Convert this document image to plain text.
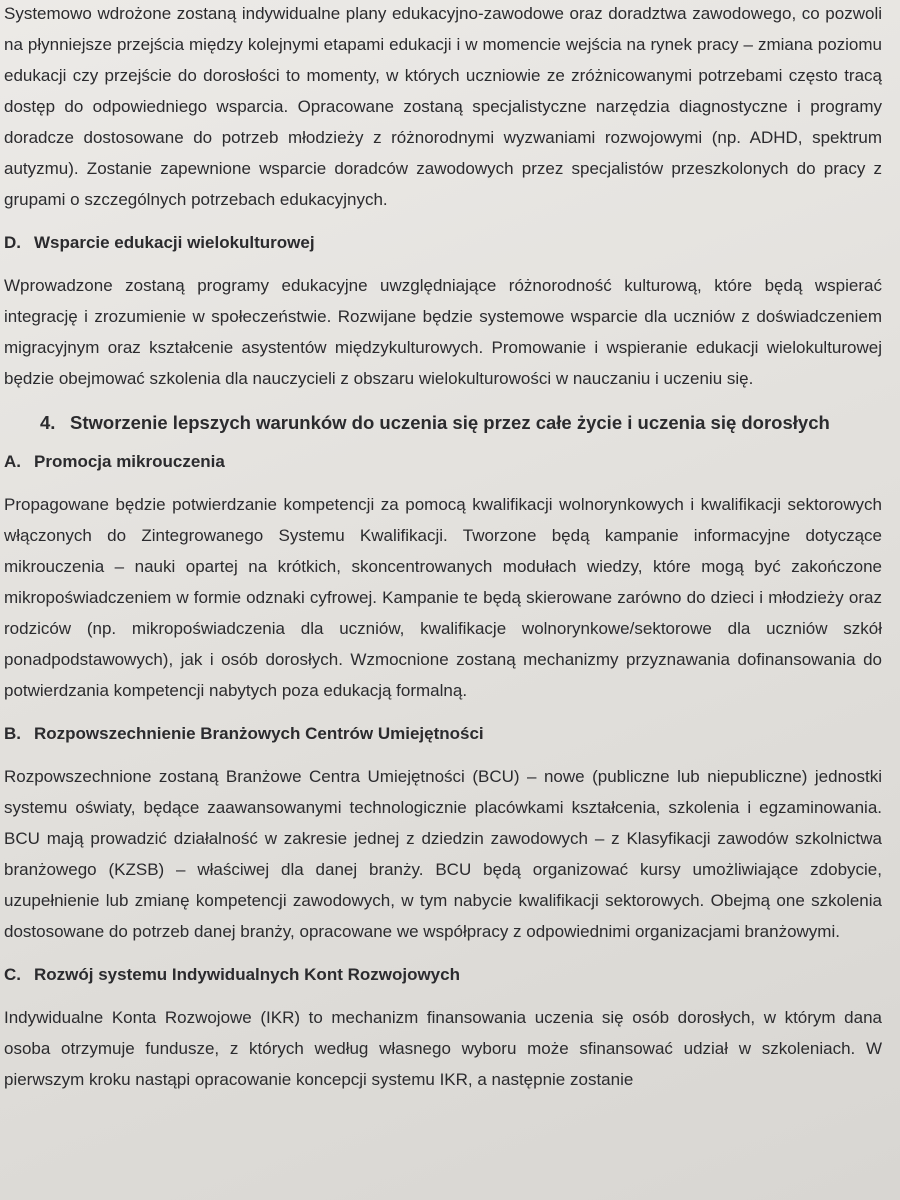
Systemowo wdrożone zostaną indywidualne plany edukacyjno-zawodowe oraz doradztwa zawodowego, co pozwoli na płynniejsze przejścia między kolejnymi etapami edukacji i w momencie wejścia na rynek pracy – zmiana poziomu edukacji czy przejście do dorosłości to momenty, w których uczniowie ze zróżnicowanymi potrzebami często tracą dostęp do odpowiedniego wsparcia. Opracowane zostaną specjalistyczne narzędzia diagnostyczne i programy doradcze dostosowane do potrzeb młodzieży z różnorodnymi wyzwaniami rozwojowymi (np. ADHD, spektrum autyzmu). Zostanie zapewnione wsparcie doradców zawodowych przez specjalistów przeszkolonych do pracy z grupami o szczególnych potrzebach edukacyjnych.

D. Wsparcie edukacji wielokulturowej

Wprowadzone zostaną programy edukacyjne uwzględniające różnorodność kulturową, które będą wspierać integrację i zrozumienie w społeczeństwie. Rozwijane będzie systemowe wsparcie dla uczniów z doświadczeniem migracyjnym oraz kształcenie asystentów międzykulturowych. Promowanie i wspieranie edukacji wielokulturowej będzie obejmować szkolenia dla nauczycieli z obszaru wielokulturowości w nauczaniu i uczeniu się.

4. Stworzenie lepszych warunków do uczenia się przez całe życie i uczenia się dorosłych

A. Promocja mikrouczenia

Propagowane będzie potwierdzanie kompetencji za pomocą kwalifikacji wolnorynkowych i kwalifikacji sektorowych włączonych do Zintegrowanego Systemu Kwalifikacji. Tworzone będą kampanie informacyjne dotyczące mikrouczenia – nauki opartej na krótkich, skoncentrowanych modułach wiedzy, które mogą być zakończone mikropoświadczeniem w formie odznaki cyfrowej. Kampanie te będą skierowane zarówno do dzieci i młodzieży oraz rodziców (np. mikropoświadczenia dla uczniów, kwalifikacje wolnorynkowe/sektorowe dla uczniów szkół ponadpodstawowych), jak i osób dorosłych. Wzmocnione zostaną mechanizmy przyznawania dofinansowania do potwierdzania kompetencji nabytych poza edukacją formalną.

B. Rozpowszechnienie Branżowych Centrów Umiejętności

Rozpowszechnione zostaną Branżowe Centra Umiejętności (BCU) – nowe (publiczne lub niepubliczne) jednostki systemu oświaty, będące zaawansowanymi technologicznie placówkami kształcenia, szkolenia i egzaminowania. BCU mają prowadzić działalność w zakresie jednej z dziedzin zawodowych – z Klasyfikacji zawodów szkolnictwa branżowego (KZSB) – właściwej dla danej branży. BCU będą organizować kursy umożliwiające zdobycie, uzupełnienie lub zmianę kompetencji zawodowych, w tym nabycie kwalifikacji sektorowych. Obejmą one szkolenia dostosowane do potrzeb danej branży, opracowane we współpracy z odpowiednimi organizacjami branżowymi.

C. Rozwój systemu Indywidualnych Kont Rozwojowych

Indywidualne Konta Rozwojowe (IKR) to mechanizm finansowania uczenia się osób dorosłych, w którym dana osoba otrzymuje fundusze, z których według własnego wyboru może sfinansować udział w szkoleniach. W pierwszym kroku nastąpi opracowanie koncepcji systemu IKR, a następnie zostanie
